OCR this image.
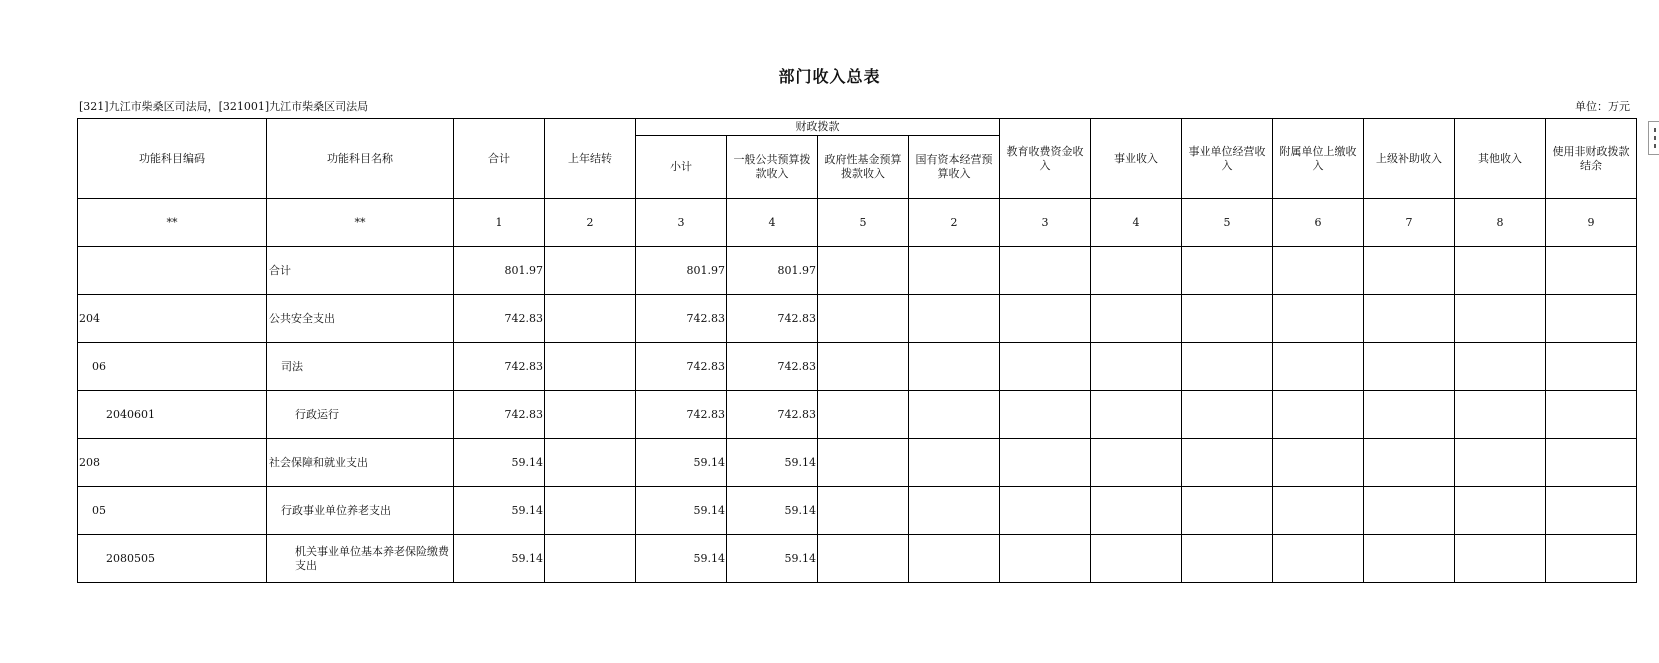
部门收入总表
[321]九江市柴桑区司法局，[321001]九江市柴桑区司法局	单位：万元
功能科目编码	功能科目名称	合计	上年结转	财政拨款				教育收费资金收入	事业收入	事业单位经营收入	附属单位上缴收入	上级补助收入	其他收入	使用非财政拨款结余
				小计	一般公共预算拨款收入	政府性基金预算拨款收入	国有资本经营预算收入							
**	**	1	2	3	4	5	2	3	4	5	6	7	8	9
	合计	801.97		801.97	801.97									
204	公共安全支出	742.83		742.83	742.83									
06	司法	742.83		742.83	742.83									
2040601	行政运行	742.83		742.83	742.83									
208	社会保障和就业支出	59.14		59.14	59.14									
05	行政事业单位养老支出	59.14		59.14	59.14									
2080505	机关事业单位基本养老保险缴费支出	59.14		59.14	59.14									
